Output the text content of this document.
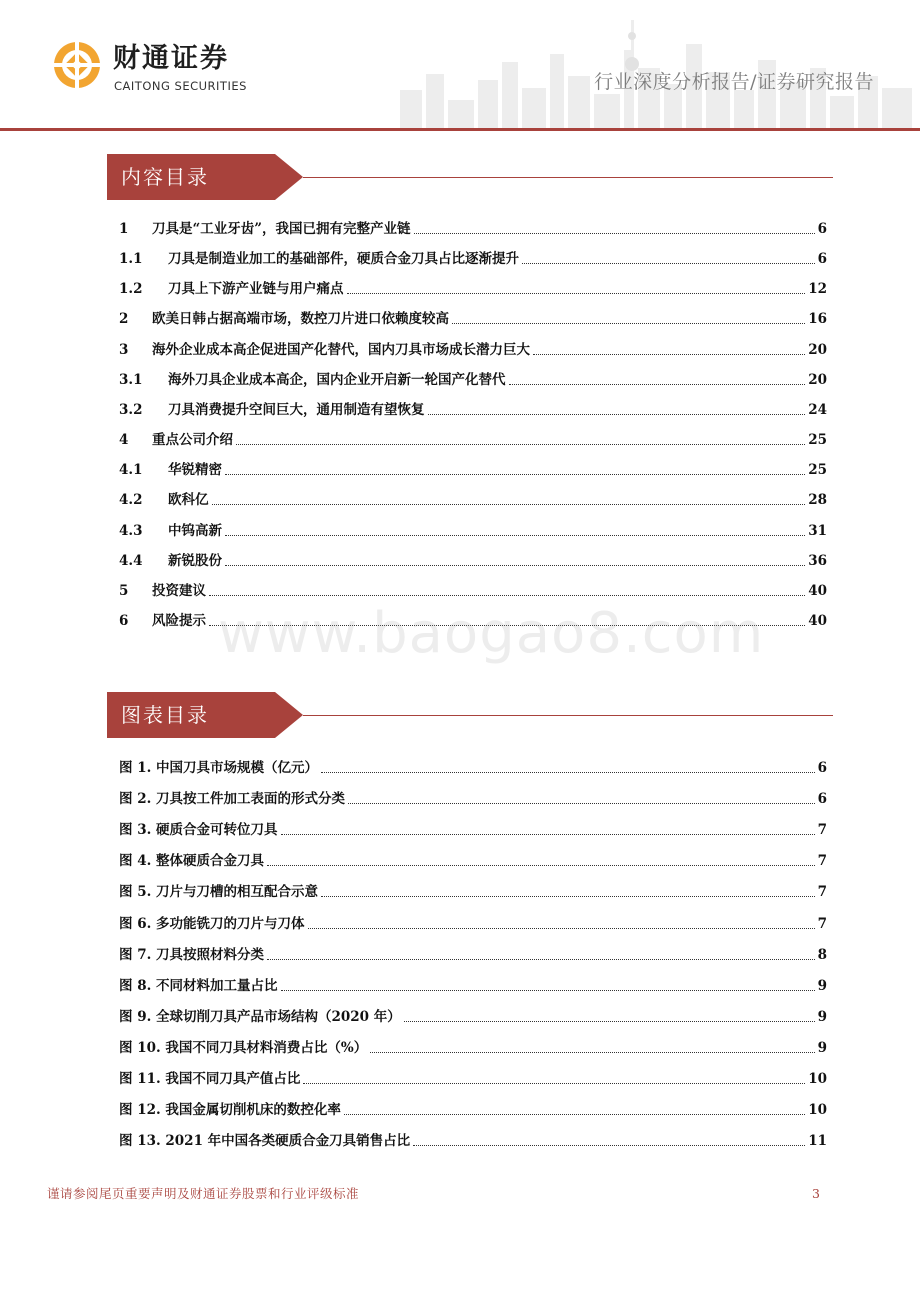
财通证券
CAITONG SECURITIES	行业深度分析报告/证券研究报告
内容目录
1	刀具是“工业牙齿”，我国已拥有完整产业链	6
1.1	刀具是制造业加工的基础部件，硬质合金刀具占比逐渐提升	6
1.2	刀具上下游产业链与用户痛点	12
2	欧美日韩占据高端市场，数控刀片进口依赖度较高	16
3	海外企业成本高企促进国产化替代，国内刀具市场成长潜力巨大	20
3.1	海外刀具企业成本高企，国内企业开启新一轮国产化替代	20
3.2	刀具消费提升空间巨大，通用制造有望恢复	24
4	重点公司介绍	25
4.1	华锐精密	25
4.2	欧科亿	28
4.3	中钨高新	31
4.4	新锐股份	36
5	投资建议	40
6	风险提示	40
图表目录
图 1. 中国刀具市场规模（亿元）	6
图 2. 刀具按工件加工表面的形式分类	6
图 3. 硬质合金可转位刀具	7
图 4. 整体硬质合金刀具	7
图 5. 刀片与刀槽的相互配合示意	7
图 6. 多功能铣刀的刀片与刀体	7
图 7. 刀具按照材料分类	8
图 8. 不同材料加工量占比	9
图 9. 全球切削刀具产品市场结构（2020 年）	9
图 10. 我国不同刀具材料消费占比（%）	9
图 11. 我国不同刀具产值占比	10
图 12. 我国金属切削机床的数控化率	10
图 13. 2021 年中国各类硬质合金刀具销售占比	11
www.baogao8.com
谨请参阅尾页重要声明及财通证券股票和行业评级标准	3
